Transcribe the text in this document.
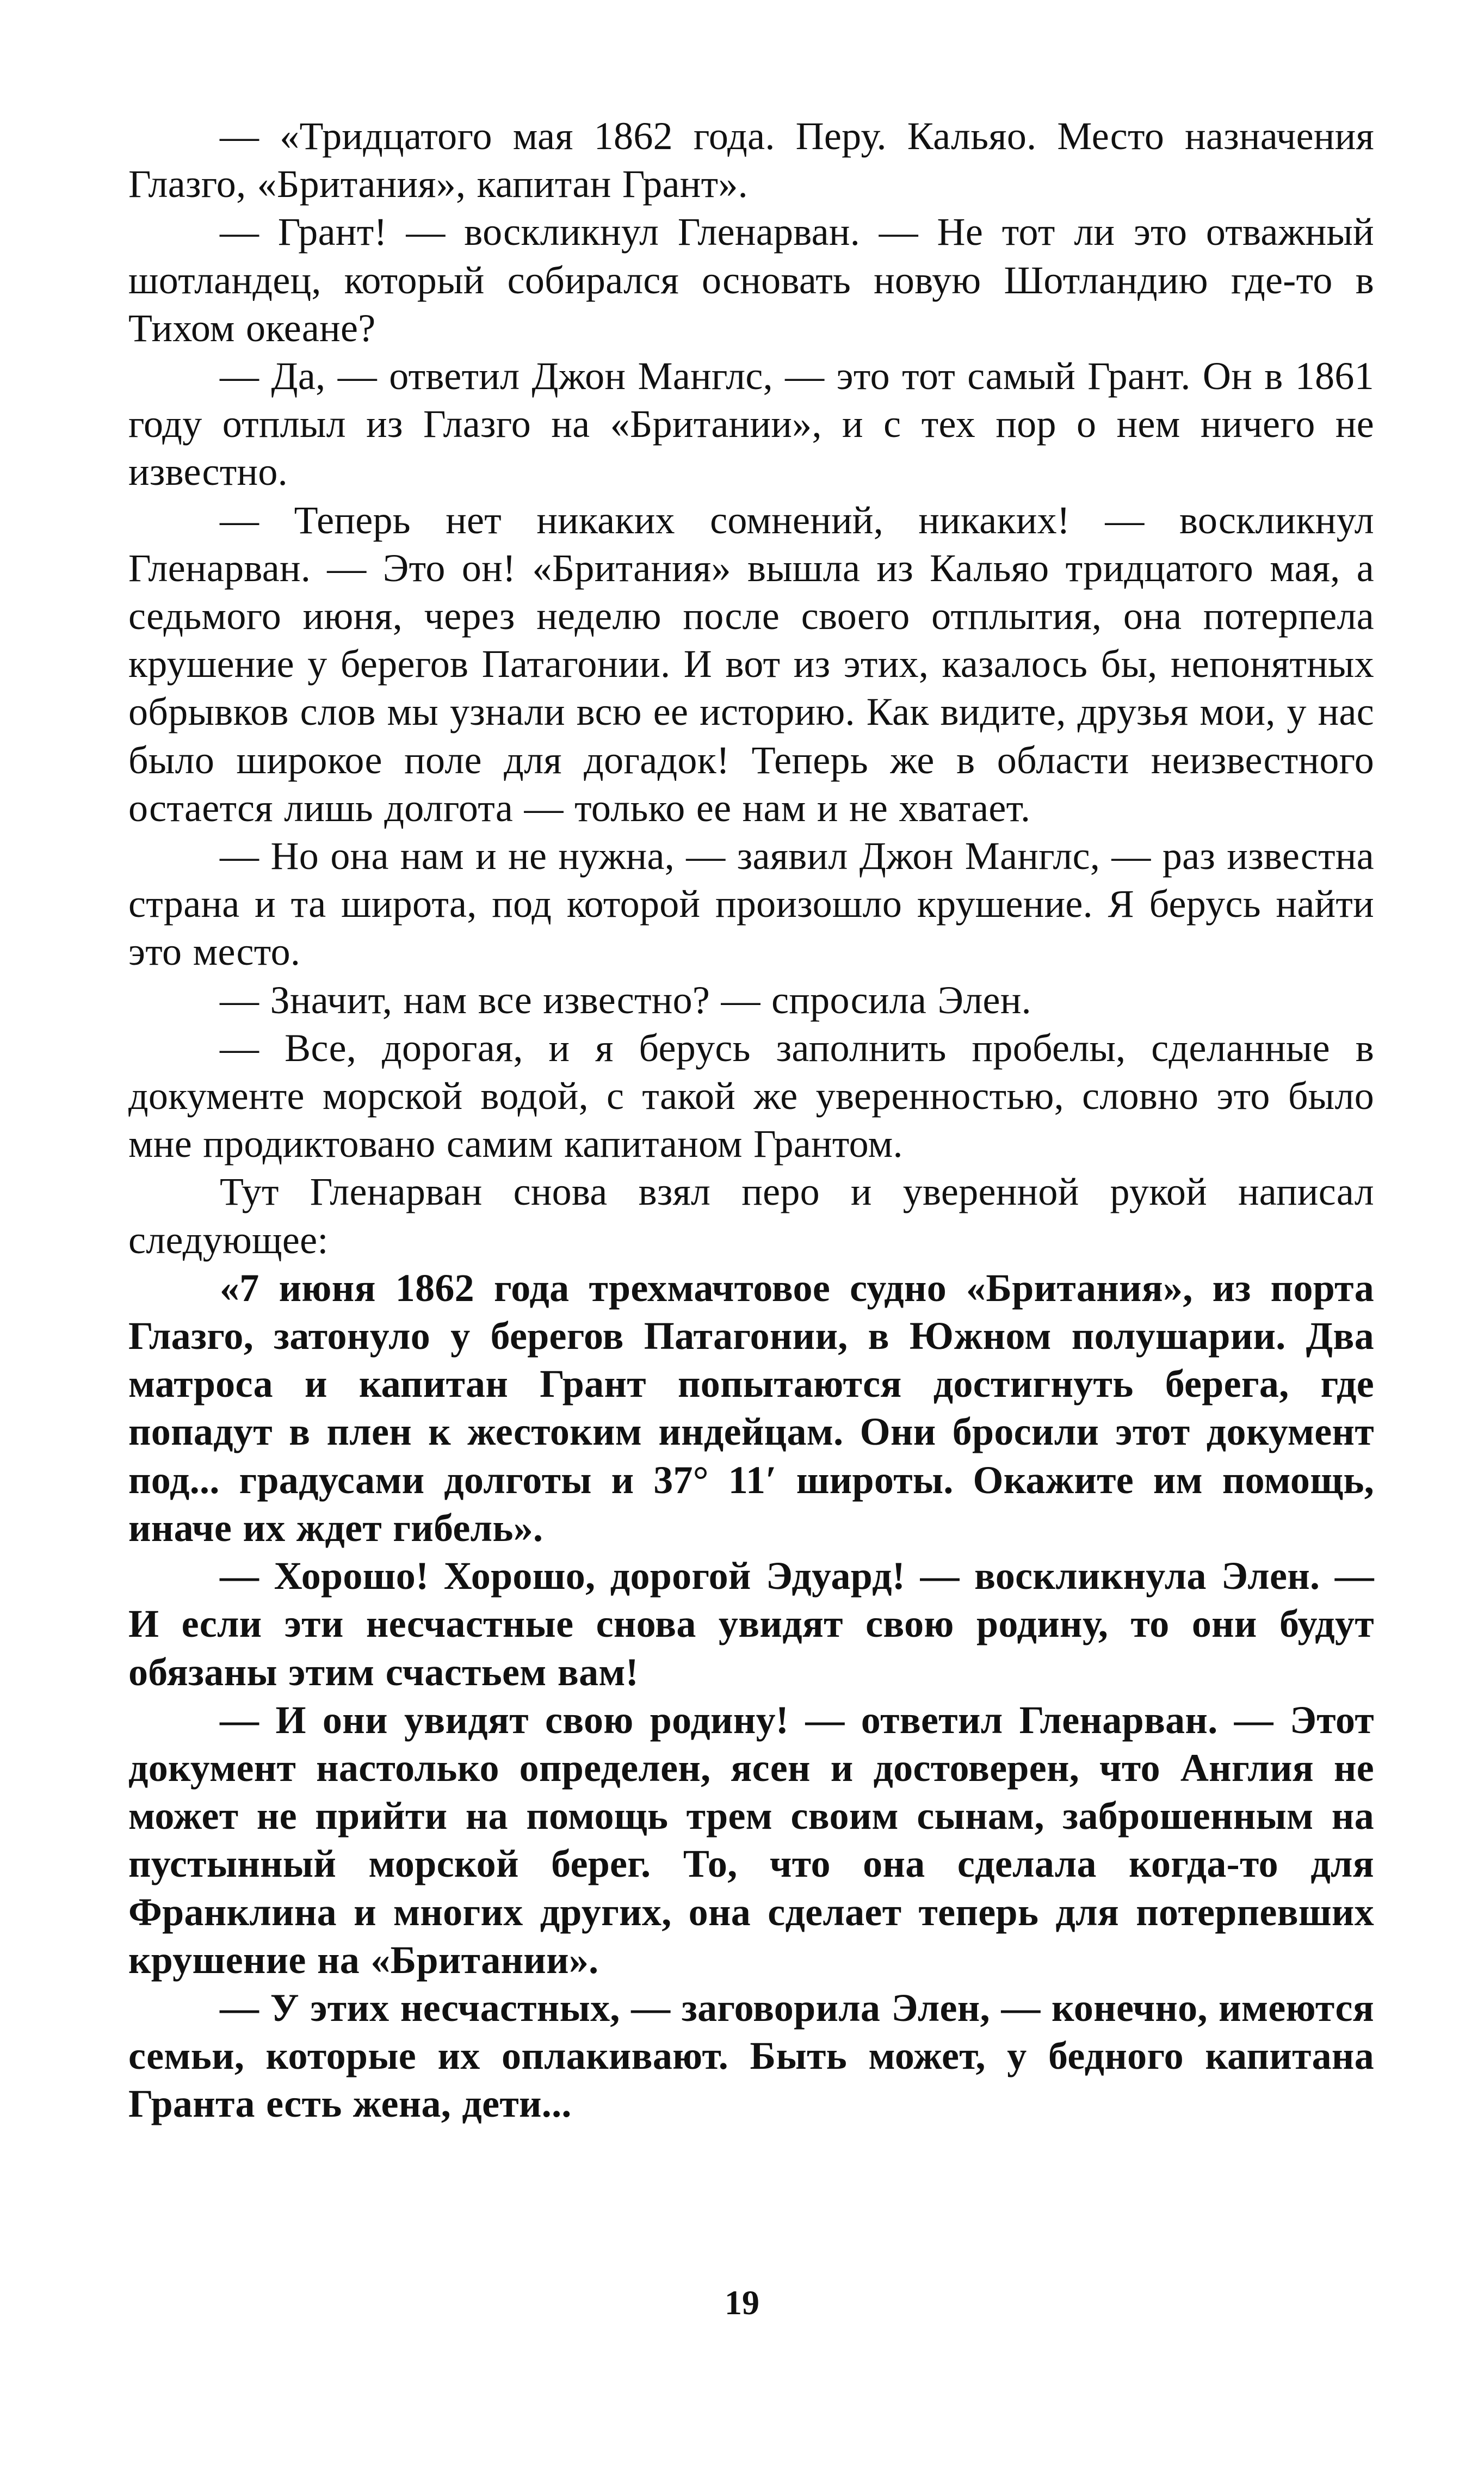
— «Тридцатого мая 1862 года. Перу. Кальяо. Место назначения Глазго, «Британия», капитан Грант».

— Грант! — воскликнул Гленарван. — Не тот ли это отважный шотландец, который собирался основать новую Шотландию где-то в Тихом океане?

— Да, — ответил Джон Манглс, — это тот самый Грант. Он в 1861 году отплыл из Глазго на «Британии», и с тех пор о нем ничего не известно.

— Теперь нет никаких сомнений, никаких! — воскликнул Гленарван. — Это он! «Британия» вышла из Кальяо тридцатого мая, а седьмого июня, через неделю после своего отплытия, она потерпела крушение у берегов Патагонии. И вот из этих, казалось бы, непонятных обрывков слов мы узнали всю ее историю. Как видите, друзья мои, у нас было широкое поле для догадок! Теперь же в области неизвестного остается лишь долгота — только ее нам и не хватает.

— Но она нам и не нужна, — заявил Джон Манглс, — раз известна страна и та широта, под которой произошло крушение. Я берусь найти это место.

— Значит, нам все известно? — спросила Элен.

— Все, дорогая, и я берусь заполнить пробелы, сделанные в документе морской водой, с такой же уверенностью, словно это было мне продиктовано самим капитаном Грантом.

Тут Гленарван снова взял перо и уверенной рукой написал следующее:

«7 июня 1862 года трехмачтовое судно «Британия», из порта Глазго, затонуло у берегов Патагонии, в Южном полушарии. Два матроса и капитан Грант попытаются достигнуть берега, где попадут в плен к жестоким индейцам. Они бросили этот документ под... градусами долготы и 37° 11′ широты. Окажите им помощь, иначе их ждет гибель».

— Хорошо! Хорошо, дорогой Эдуард! — воскликнула Элен. — И если эти несчастные снова увидят свою родину, то они будут обязаны этим счастьем вам!

— И они увидят свою родину! — ответил Гленарван. — Этот документ настолько определен, ясен и достоверен, что Англия не может не прийти на помощь трем своим сынам, заброшенным на пустынный морской берег. То, что она сделала когда-то для Франклина и многих других, она сделает теперь для потерпевших крушение на «Британии».

— У этих несчастных, — заговорила Элен, — конечно, имеются семьи, которые их оплакивают. Быть может, у бедного капитана Гранта есть жена, дети...

19
